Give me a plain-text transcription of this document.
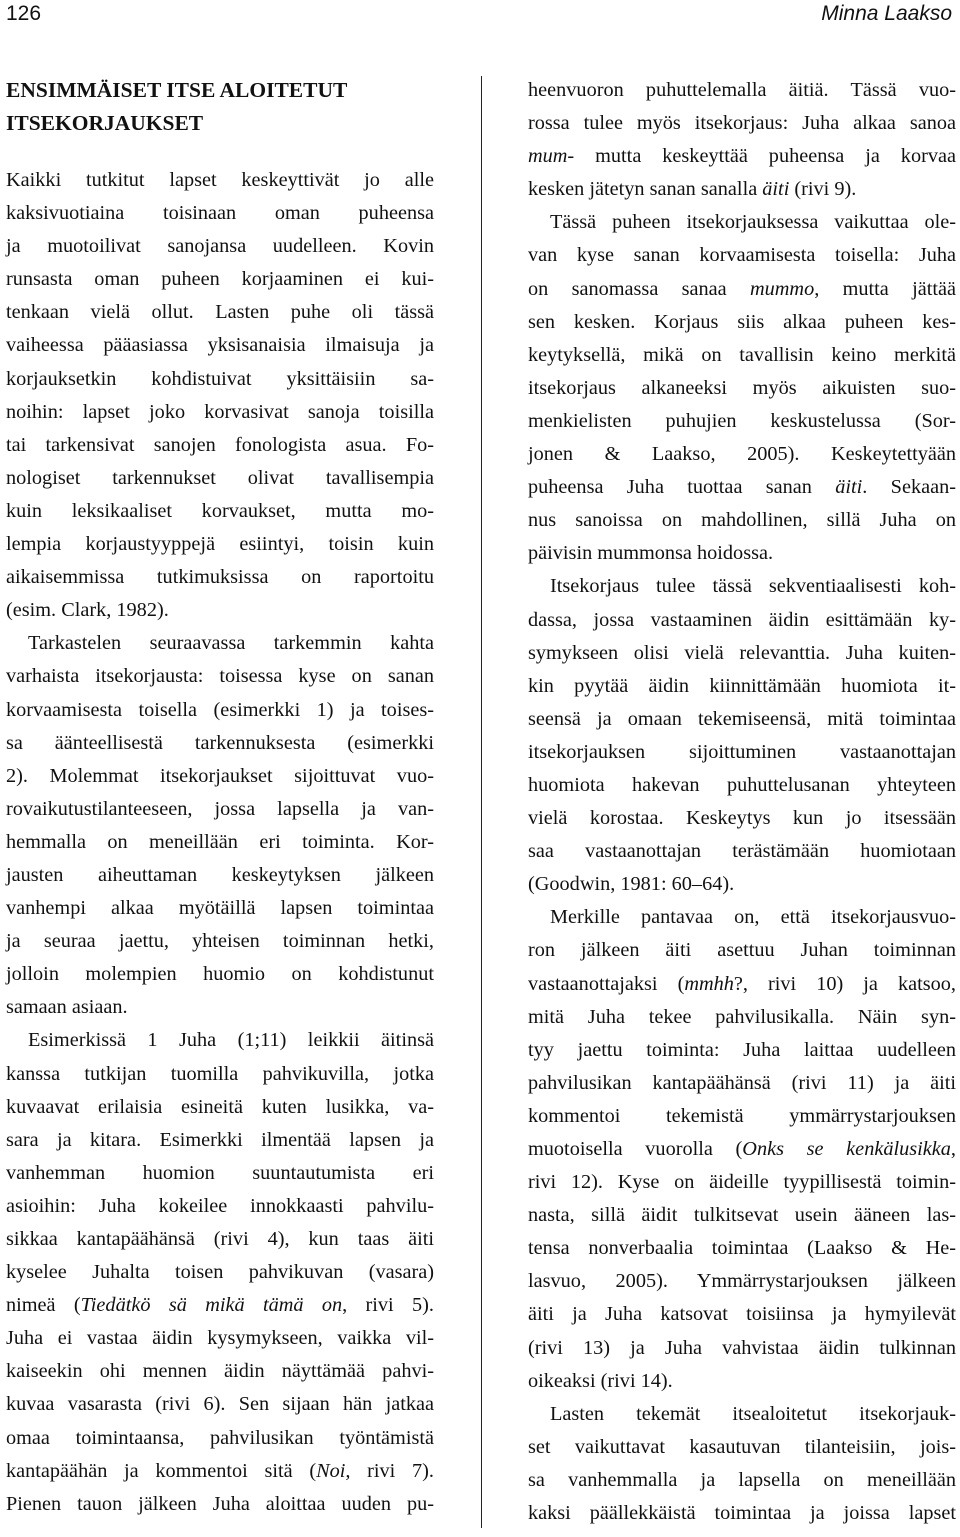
126	Minna Laakso
ENSIMMÄISET ITSE ALOITETUT
ITSEKORJAUKSET

Kaikki tutkitut lapset keskeyttivät jo alle
kaksivuotiaina toisinaan oman puheensa
ja muotoilivat sanojansa uudelleen. Kovin
runsasta oman puheen korjaaminen ei kui-
tenkaan vielä ollut. Lasten puhe oli tässä
vaiheessa pääasiassa yksisanaisia ilmaisuja ja
korjauksetkin kohdistuivat yksittäisiin sa-
noihin: lapset joko korvasivat sanoja toisilla
tai tarkensivat sanojen fonologista asua. Fo-
nologiset tarkennukset olivat tavallisempia
kuin leksikaaliset korvaukset, mutta mo-
lempia korjaustyyppejä esiintyi, toisin kuin
aikaisemmissa tutkimuksissa on raportoitu
(esim. Clark, 1982).

Tarkastelen seuraavassa tarkemmin kahta
varhaista itsekorjausta: toisessa kyse on sanan
korvaamisesta toisella (esimerkki 1) ja toises-
sa äänteellisestä tarkennuksesta (esimerkki
2). Molemmat itsekorjaukset sijoittuvat vuo-
rovaikutustilanteeseen, jossa lapsella ja van-
hemmalla on meneillään eri toiminta. Kor-
jausten aiheuttaman keskeytyksen jälkeen
vanhempi alkaa myötäillä lapsen toimintaa
ja seuraa jaettu, yhteisen toiminnan hetki,
jolloin molempien huomio on kohdistunut
samaan asiaan.

Esimerkissä 1 Juha (1;11) leikkii äitinsä
kanssa tutkijan tuomilla pahvikuvilla, jotka
kuvaavat erilaisia esineitä kuten lusikka, va-
sara ja kitara. Esimerkki ilmentää lapsen ja
vanhemman huomion suuntautumista eri
asioihin: Juha kokeilee innokkaasti pahvilu-
sikkaa kantapäähänsä (rivi 4), kun taas äiti
kyselee Juhalta toisen pahvikuvan (vasara)
nimeä (Tiedätkö sä mikä tämä on, rivi 5).
Juha ei vastaa äidin kysymykseen, vaikka vil-
kaiseekin ohi mennen äidin näyttämää pahvi-
kuvaa vasarasta (rivi 6). Sen sijaan hän jatkaa
omaa toimintaansa, pahvilusikan työntämistä
kantapäähän ja kommentoi sitä (Noi, rivi 7).
Pienen tauon jälkeen Juha aloittaa uuden pu-

heenvuoron puhuttelemalla äitiä. Tässä vuo-
rossa tulee myös itsekorjaus: Juha alkaa sanoa
mum- mutta keskeyttää puheensa ja korvaa
kesken jätetyn sanan sanalla äiti (rivi 9).

Tässä puheen itsekorjauksessa vaikuttaa ole-
van kyse sanan korvaamisesta toisella: Juha
on sanomassa sanaa mummo, mutta jättää
sen kesken. Korjaus siis alkaa puheen kes-
keytyksellä, mikä on tavallisin keino merkitä
itsekorjaus alkaneeksi myös aikuisten suo-
menkielisten puhujien keskustelussa (Sor-
jonen & Laakso, 2005). Keskeytettyään
puheensa Juha tuottaa sanan äiti. Sekaan-
nus sanoissa on mahdollinen, sillä Juha on
päivisin mummonsa hoidossa.

Itsekorjaus tulee tässä sekventiaalisesti koh-
dassa, jossa vastaaminen äidin esittämään ky-
symykseen olisi vielä relevanttia. Juha kuiten-
kin pyytää äidin kiinnittämään huomiota it-
seensä ja omaan tekemiseensä, mitä toimintaa
itsekorjauksen sijoittuminen vastaanottajan
huomiota hakevan puhuttelusanan yhteyteen
vielä korostaa. Keskeytys kun jo itsessään
saa vastaanottajan terästämään huomiotaan
(Goodwin, 1981: 60–64).

Merkille pantavaa on, että itsekorjausvuo-
ron jälkeen äiti asettuu Juhan toiminnan
vastaanottajaksi (mmhh?, rivi 10) ja katsoo,
mitä Juha tekee pahvilusikalla. Näin syn-
tyy jaettu toiminta: Juha laittaa uudelleen
pahvilusikan kantapäähänsä (rivi 11) ja äiti
kommentoi tekemistä ymmärrystarjouksen
muotoisella vuorolla (Onks se kenkälusikka,
rivi 12). Kyse on äideille tyypillisestä toimin-
nasta, sillä äidit tulkitsevat usein ääneen las-
tensa nonverbaalia toimintaa (Laakso & He-
lasvuo, 2005). Ymmärrystarjouksen jälkeen
äiti ja Juha katsovat toisiinsa ja hymyilevät
(rivi 13) ja Juha vahvistaa äidin tulkinnan
oikeaksi (rivi 14).

Lasten tekemät itsealoitetut itsekorjauk-
set vaikuttavat kasautuvan tilanteisiin, jois-
sa vanhemmalla ja lapsella on meneillään
kaksi päällekkäistä toimintaa ja joissa lapset
